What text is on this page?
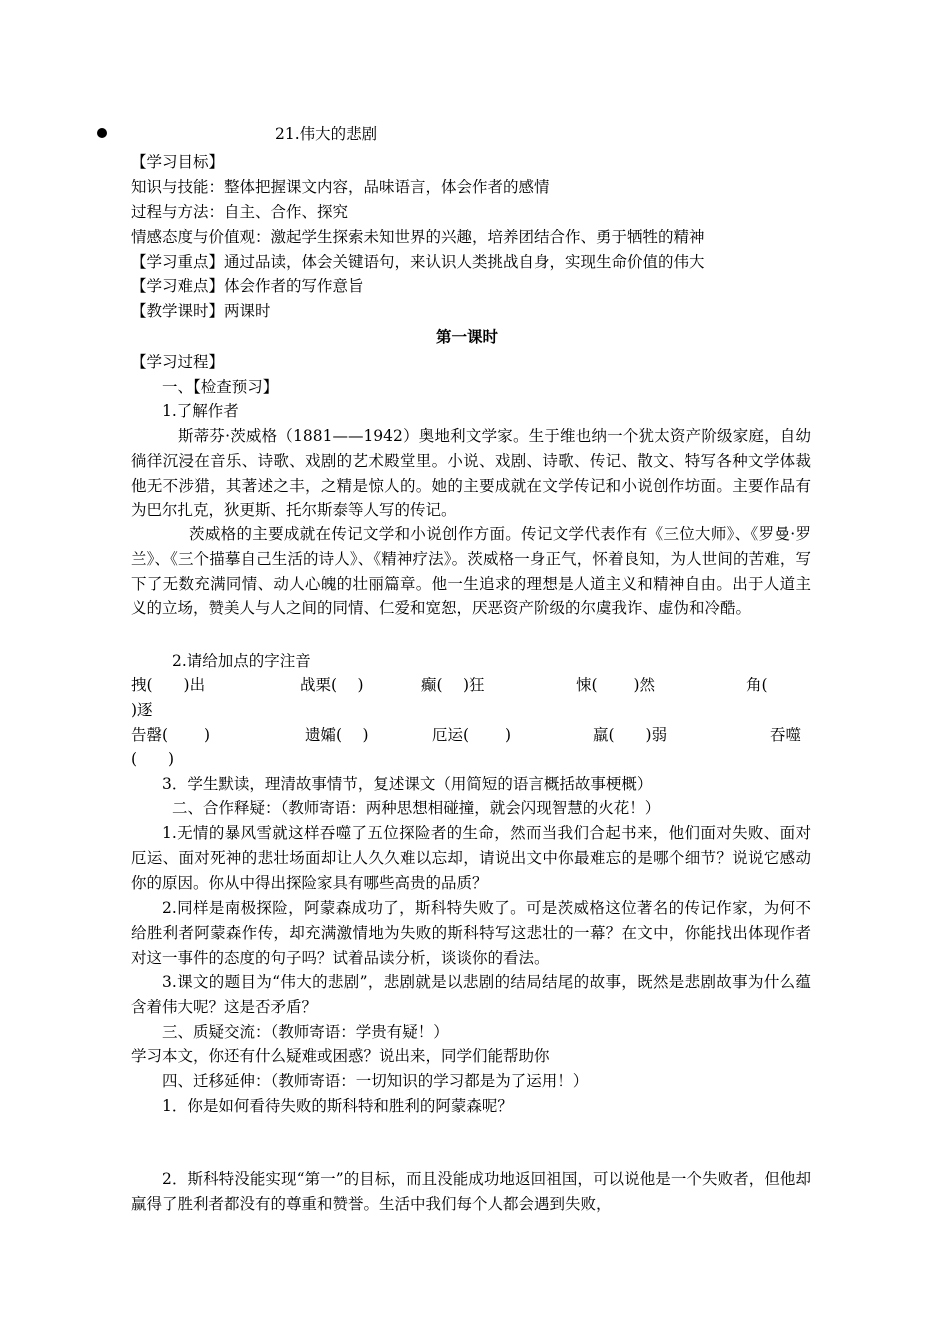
21.伟大的悲剧
【学习目标】
知识与技能：整体把握课文内容，品味语言，体会作者的感情
过程与方法：自主、合作、探究
情感态度与价值观：激起学生探索未知世界的兴趣，培养团结合作、勇于牺牲的精神
【学习重点】通过品读，体会关键语句，来认识人类挑战自身，实现生命价值的伟大
【学习难点】体会作者的写作意旨
【教学课时】两课时
第一课时
【学习过程】
一、【检查预习】
1.了解作者
斯蒂芬·茨威格（1881——1942）奥地利文学家。生于维也纳一个犹太资产阶级家庭，自幼徜徉沉浸在音乐、诗歌、戏剧的艺术殿堂里。小说、戏剧、诗歌、传记、散文、特写各种文学体裁他无不涉猎，其著述之丰，之精是惊人的。她的主要成就在文学传记和小说创作坊面。主要作品有为巴尔扎克，狄更斯、托尔斯泰等人写的传记。
茨威格的主要成就在传记文学和小说创作方面。传记文学代表作有《三位大师》、《罗曼·罗兰》、《三个描摹自己生活的诗人》、《精神疗法》。茨威格一身正气，怀着良知，为人世间的苦难，写下了无数充满同情、动人心魄的壮丽篇章。他一生追求的理想是人道主义和精神自由。出于人道主义的立场，赞美人与人之间的同情、仁爱和宽恕，厌恶资产阶级的尔虞我诈、虚伪和冷酷。
2.请给加点的字注音
拽(　　)出	战栗(　 )	癫(　 )狂	悚(　　 )然	角(
)逐
告罄(　　 )	遗孀(　 )	厄运(　　 )	羸(　　)弱	吞噬
(　　)
3．学生默读，理清故事情节，复述课文（用简短的语言概括故事梗概）
二、合作释疑：（教师寄语：两种思想相碰撞，就会闪现智慧的火花！）
1.无情的暴风雪就这样吞噬了五位探险者的生命，然而当我们合起书来，他们面对失败、面对厄运、面对死神的悲壮场面却让人久久难以忘却，请说出文中你最难忘的是哪个细节？说说它感动你的原因。你从中得出探险家具有哪些高贵的品质？
2.同样是南极探险，阿蒙森成功了，斯科特失败了。可是茨威格这位著名的传记作家，为何不给胜利者阿蒙森作传，却充满激情地为失败的斯科特写这悲壮的一幕？在文中，你能找出体现作者对这一事件的态度的句子吗？试着品读分析，谈谈你的看法。
3.课文的题目为“伟大的悲剧”，悲剧就是以悲剧的结局结尾的故事，既然是悲剧故事为什么蕴含着伟大呢？这是否矛盾？
三、质疑交流：（教师寄语：学贵有疑！）
学习本文，你还有什么疑难或困惑？说出来，同学们能帮助你
四、迁移延伸：（教师寄语：一切知识的学习都是为了运用！）
1．你是如何看待失败的斯科特和胜利的阿蒙森呢？
2．斯科特没能实现“第一”的目标，而且没能成功地返回祖国，可以说他是一个失败者，但他却赢得了胜利者都没有的尊重和赞誉。生活中我们每个人都会遇到失败，
